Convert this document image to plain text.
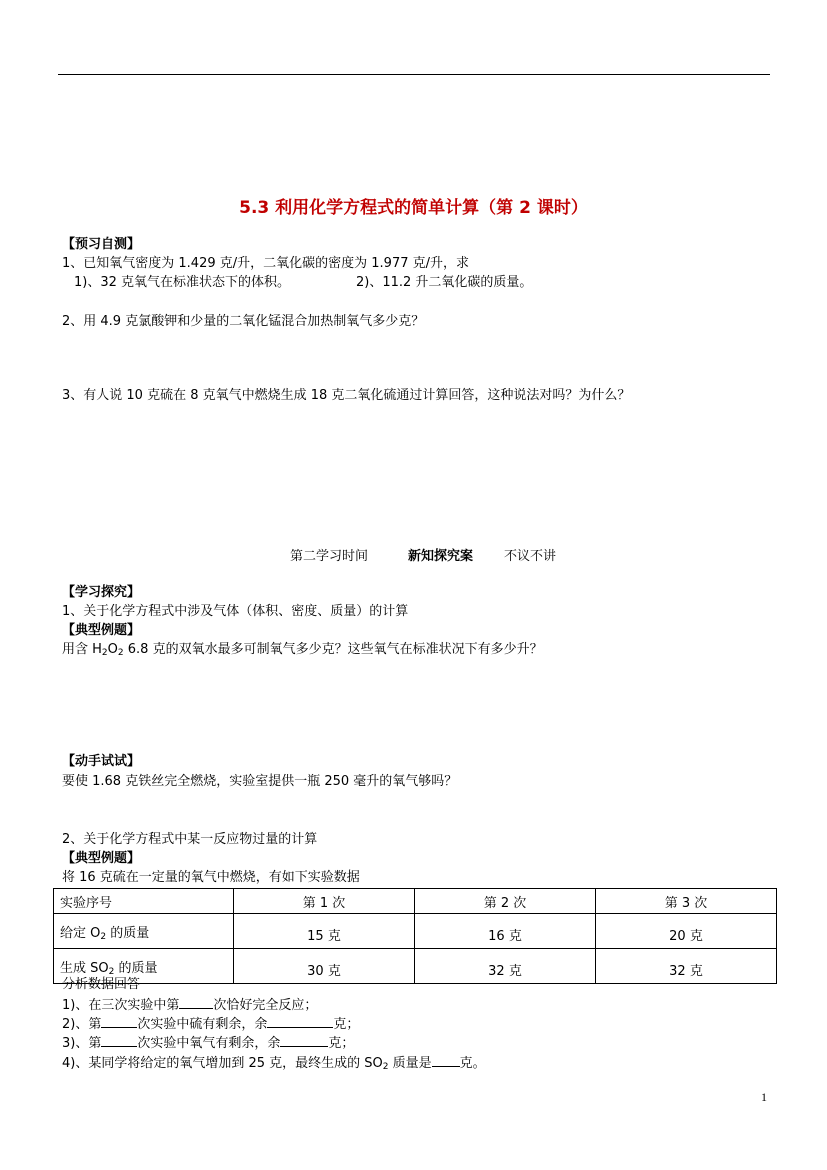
5.3 利用化学方程式的简单计算（第 2 课时）
【预习自测】
1、已知氧气密度为 1.429 克/升，二氧化碳的密度为 1.977 克/升，求
1)、32 克氧气在标准状态下的体积。	2)、11.2 升二氧化碳的质量。
2、用 4.9 克氯酸钾和少量的二氧化锰混合加热制氧气多少克？
3、有人说 10 克硫在 8 克氧气中燃烧生成 18 克二氧化硫通过计算回答，这种说法对吗？为什么？
第二学习时间	新知探究案 不议不讲
【学习探究】
1、关于化学方程式中涉及气体（体积、密度、质量）的计算
【典型例题】
用含 $H_2O_2$ 6.8 克的双氧水最多可制氧气多少克？这些氧气在标准状况下有多少升？
【动手试试】
要使 1.68 克铁丝完全燃烧，实验室提供一瓶 250 毫升的氧气够吗？
2、关于化学方程式中某一反应物过量的计算
【典型例题】
将 16 克硫在一定量的氧气中燃烧，有如下实验数据
实验序号	第 1 次	第 2 次	第 3 次
给定 $O_2$ 的质量	15 克	16 克	20 克
生成 $SO_2$ 的质量	30 克	32 克	32 克
分析数据回答
1)、在三次实验中第	次恰好完全反应；
2)、第	次实验中硫有剩余，余	克；
3)、第	次实验中氧气有剩余，余	克；
4)、某同学将给定的氧气增加到 25 克，最终生成的 $SO_2$ 质量是 克。
1
